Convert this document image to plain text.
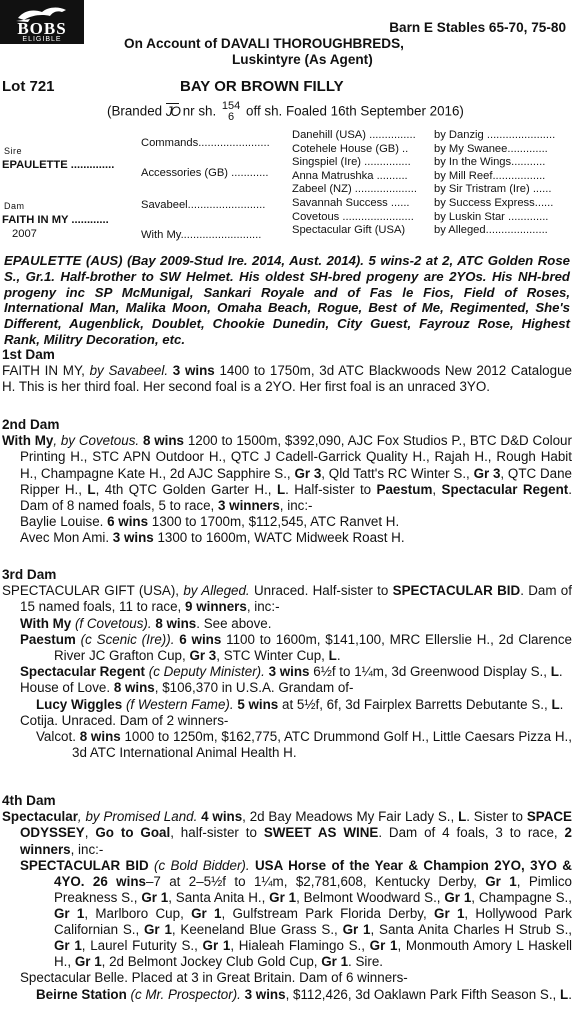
BOBS
ELIGIBLE
Barn E Stables 65-70, 75-80
On Account of DAVALI THOROUGHBREDS,
Luskintyre (As Agent)
Lot 721	BAY OR BROWN FILLY
(Branded JO nr sh. 154
6 off sh. Foaled 16th September 2016)
Sire
EPAULETTE ..............
Dam
FAITH IN MY ............
2007
Commands.......................
Accessories (GB) ............
Savabeel.........................
With My..........................
Danehill (USA) ...............
Cotehele House (GB) ..
Singspiel (Ire) ...............
Anna Matrushka ..........
Zabeel (NZ) ....................
Savannah Success ......
Covetous .......................
Spectacular Gift (USA)
by Danzig ......................
by My Swanee.............
by In the Wings...........
by Mill Reef.................
by Sir Tristram (Ire) ......
by Success Express......
by Luskin Star .............
by Alleged....................

EPAULETTE (AUS) (Bay 2009-Stud Ire. 2014, Aust. 2014). 5 wins-2 at 2, ATC Golden Rose S., Gr.1. Half-brother to SW Helmet. His oldest SH-bred progeny are 2YOs. His NH-bred progeny inc SP McMunigal, Sankari Royale and of Fas le Fios, Field of Roses, International Man, Malika Moon, Omaha Beach, Rogue, Best of Me, Regimented, She's Different, Augenblick, Doublet, Chookie Dunedin, City Guest, Fayrouz Rose, Highest Rank, Militry Decoration, etc.

1st Dam

FAITH IN MY, by Savabeel. 3 wins 1400 to 1750m, 3d ATC Blackwoods New 2012 Catalogue H. This is her third foal. Her second foal is a 2YO. Her first foal is an unraced 3YO.

2nd Dam

With My, by Covetous. 8 wins 1200 to 1500m, $392,090, AJC Fox Studios P., BTC D&D Colour Printing H., STC APN Outdoor H., QTC J Cadell-Garrick Quality H., Rajah H., Rough Habit H., Champagne Kate H., 2d AJC Sapphire S., Gr 3, Qld Tatt's RC Winter S., Gr 3, QTC Dane Ripper H., L, 4th QTC Golden Garter H., L. Half-sister to Paestum, Spectacular Regent. Dam of 8 named foals, 5 to race, 3 winners, inc:-

Baylie Louise. 6 wins 1300 to 1700m, $112,545, ATC Ranvet H.

Avec Mon Ami. 3 wins 1300 to 1600m, WATC Midweek Roast H.

3rd Dam

SPECTACULAR GIFT (USA), by Alleged. Unraced. Half-sister to SPECTACULAR BID. Dam of 15 named foals, 11 to race, 9 winners, inc:-

With My (f Covetous). 8 wins. See above.

Paestum (c Scenic (Ire)). 6 wins 1100 to 1600m, $141,100, MRC Ellerslie H., 2d Clarence River JC Grafton Cup, Gr 3, STC Winter Cup, L.

Spectacular Regent (c Deputy Minister). 3 wins 6½f to 1¼m, 3d Greenwood Display S., L.

House of Love. 8 wins, $106,370 in U.S.A. Grandam of-

Lucy Wiggles (f Western Fame). 5 wins at 5½f, 6f, 3d Fairplex Barretts Debutante S., L.

Cotija. Unraced. Dam of 2 winners-

Valcot. 8 wins 1000 to 1250m, $162,775, ATC Drummond Golf H., Little Caesars Pizza H., 3d ATC International Animal Health H.

4th Dam

Spectacular, by Promised Land. 4 wins, 2d Bay Meadows My Fair Lady S., L. Sister to SPACE ODYSSEY, Go to Goal, half-sister to SWEET AS WINE. Dam of 4 foals, 3 to race, 2 winners, inc:-

SPECTACULAR BID (c Bold Bidder). USA Horse of the Year & Champion 2YO, 3YO & 4YO. 26 wins–7 at 2–5½f to 1¼m, $2,781,608, Kentucky Derby, Gr 1, Pimlico Preakness S., Gr 1, Santa Anita H., Gr 1, Belmont Woodward S., Gr 1, Champagne S., Gr 1, Marlboro Cup, Gr 1, Gulfstream Park Florida Derby, Gr 1, Hollywood Park Californian S., Gr 1, Keeneland Blue Grass S., Gr 1, Santa Anita Charles H Strub S., Gr 1, Laurel Futurity S., Gr 1, Hialeah Flamingo S., Gr 1, Monmouth Amory L Haskell H., Gr 1, 2d Belmont Jockey Club Gold Cup, Gr 1. Sire.

Spectacular Belle. Placed at 3 in Great Britain. Dam of 6 winners-

Beirne Station (c Mr. Prospector). 3 wins, $112,426, 3d Oaklawn Park Fifth Season S., L.
